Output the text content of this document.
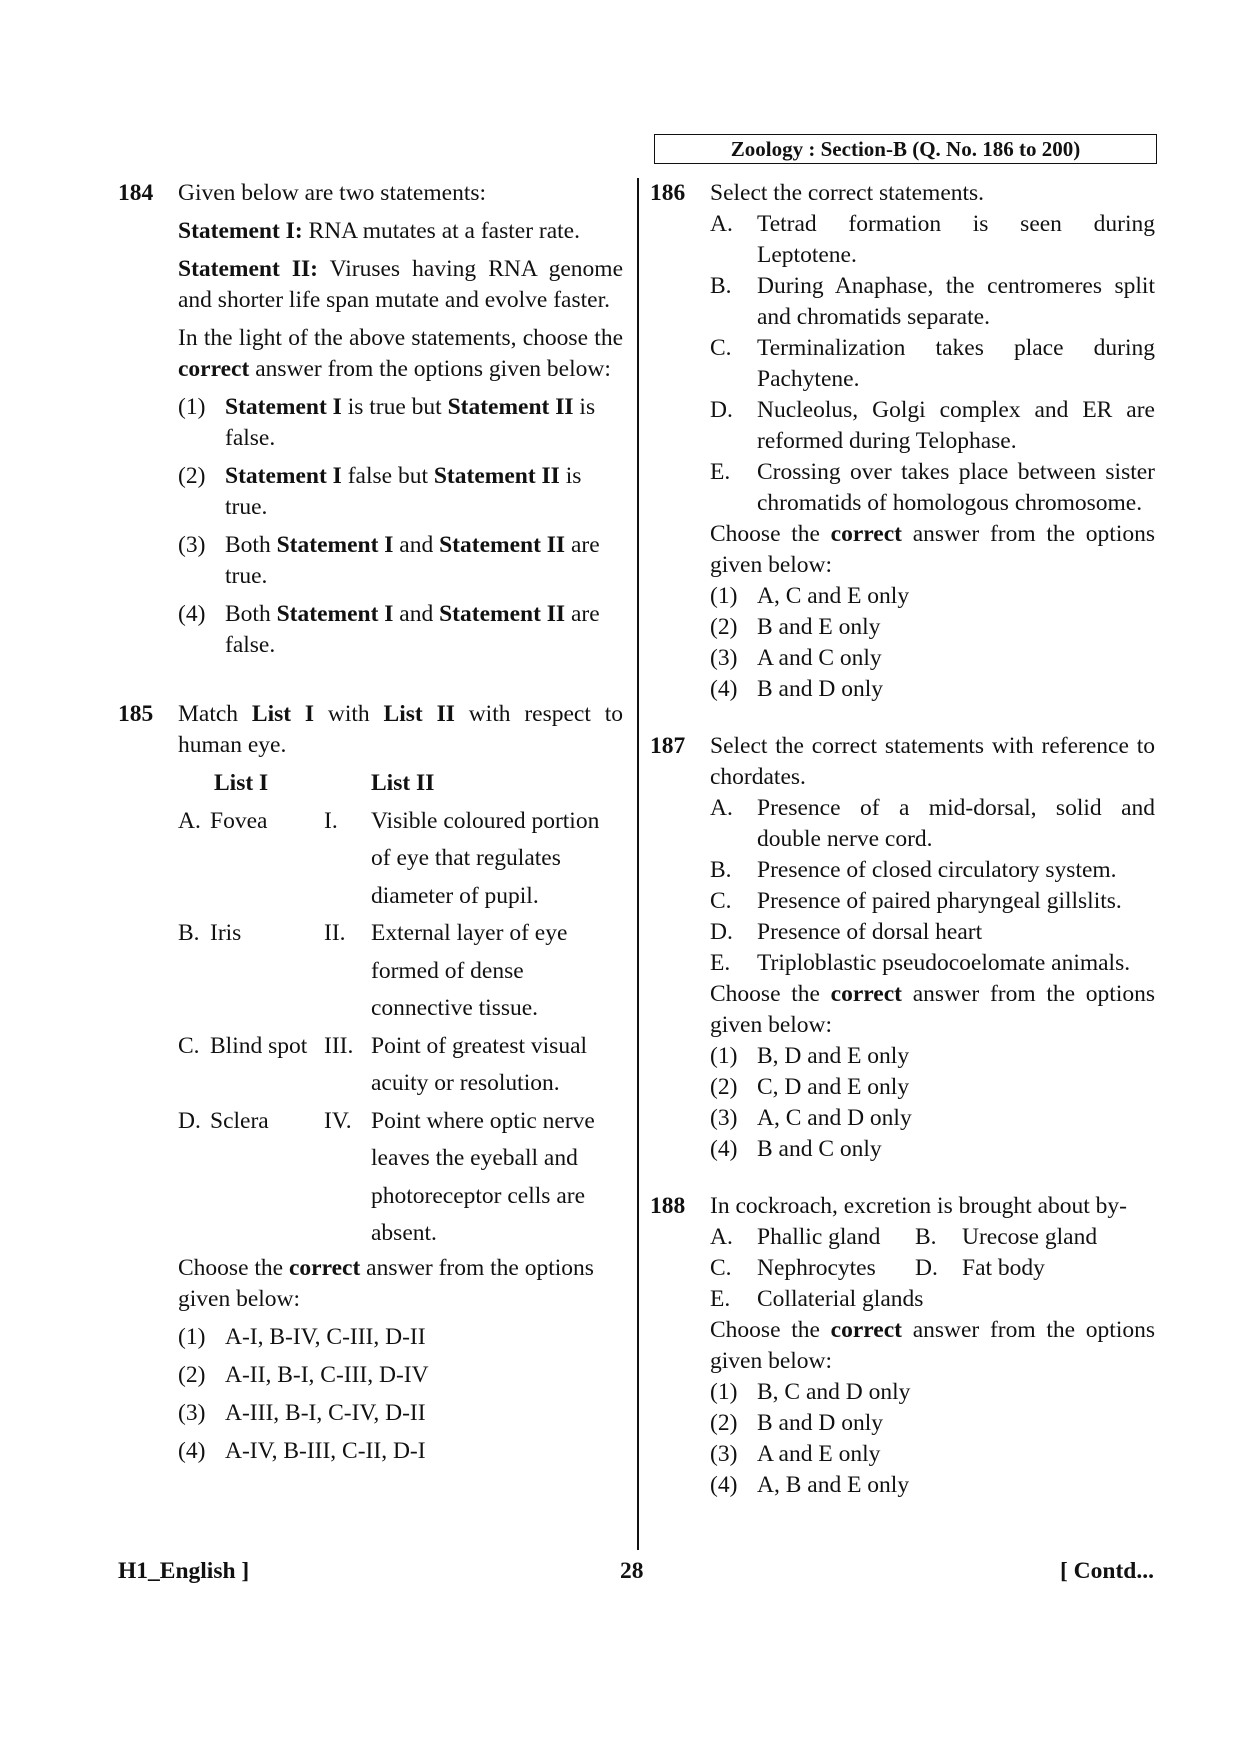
Zoology : Section-B (Q. No. 186 to 200)
184 Given below are two statements:
Statement I: RNA mutates at a faster rate.
Statement II: Viruses having RNA genome and shorter life span mutate and evolve faster.
In the light of the above statements, choose the correct answer from the options given below:
(1) Statement I is true but Statement II is false.
(2) Statement I false but Statement II is true.
(3) Both Statement I and Statement II are true.
(4) Both Statement I and Statement II are false.
185 Match List I with List II with respect to human eye.
List I	List II
A. Fovea	I.	Visible coloured portion of eye that regulates diameter of pupil.
B. Iris	II.	External layer of eye formed of dense connective tissue.
C. Blind spot III. Point of greatest visual acuity or resolution.
D. Sclera	IV. Point where optic nerve leaves the eyeball and photoreceptor cells are absent.
Choose the correct answer from the options given below:
(1) A-I, B-IV, C-III, D-II
(2) A-II, B-I, C-III, D-IV
(3) A-III, B-I, C-IV, D-II
(4) A-IV, B-III, C-II, D-I
186 Select the correct statements.
A. Tetrad formation is seen during Leptotene.
B. During Anaphase, the centromeres split and chromatids separate.
C. Terminalization takes place during Pachytene.
D. Nucleolus, Golgi complex and ER are reformed during Telophase.
E. Crossing over takes place between sister chromatids of homologous chromosome.
Choose the correct answer from the options given below:
(1) A, C and E only
(2) B and E only
(3) A and C only
(4) B and D only
187 Select the correct statements with reference to chordates.
A. Presence of a mid-dorsal, solid and double nerve cord.
B. Presence of closed circulatory system.
C. Presence of paired pharyngeal gillslits.
D. Presence of dorsal heart
E. Triploblastic pseudocoelomate animals.
Choose the correct answer from the options given below:
(1) B, D and E only
(2) C, D and E only
(3) A, C and D only
(4) B and C only
188 In cockroach, excretion is brought about by-
A. Phallic gland	B. Urecose gland
C. Nephrocytes	D. Fat body
E. Collaterial glands
Choose the correct answer from the options given below:
(1) B, C and D only
(2) B and D only
(3) A and E only
(4) A, B and E only
H1_English ]	28	[ Contd...
